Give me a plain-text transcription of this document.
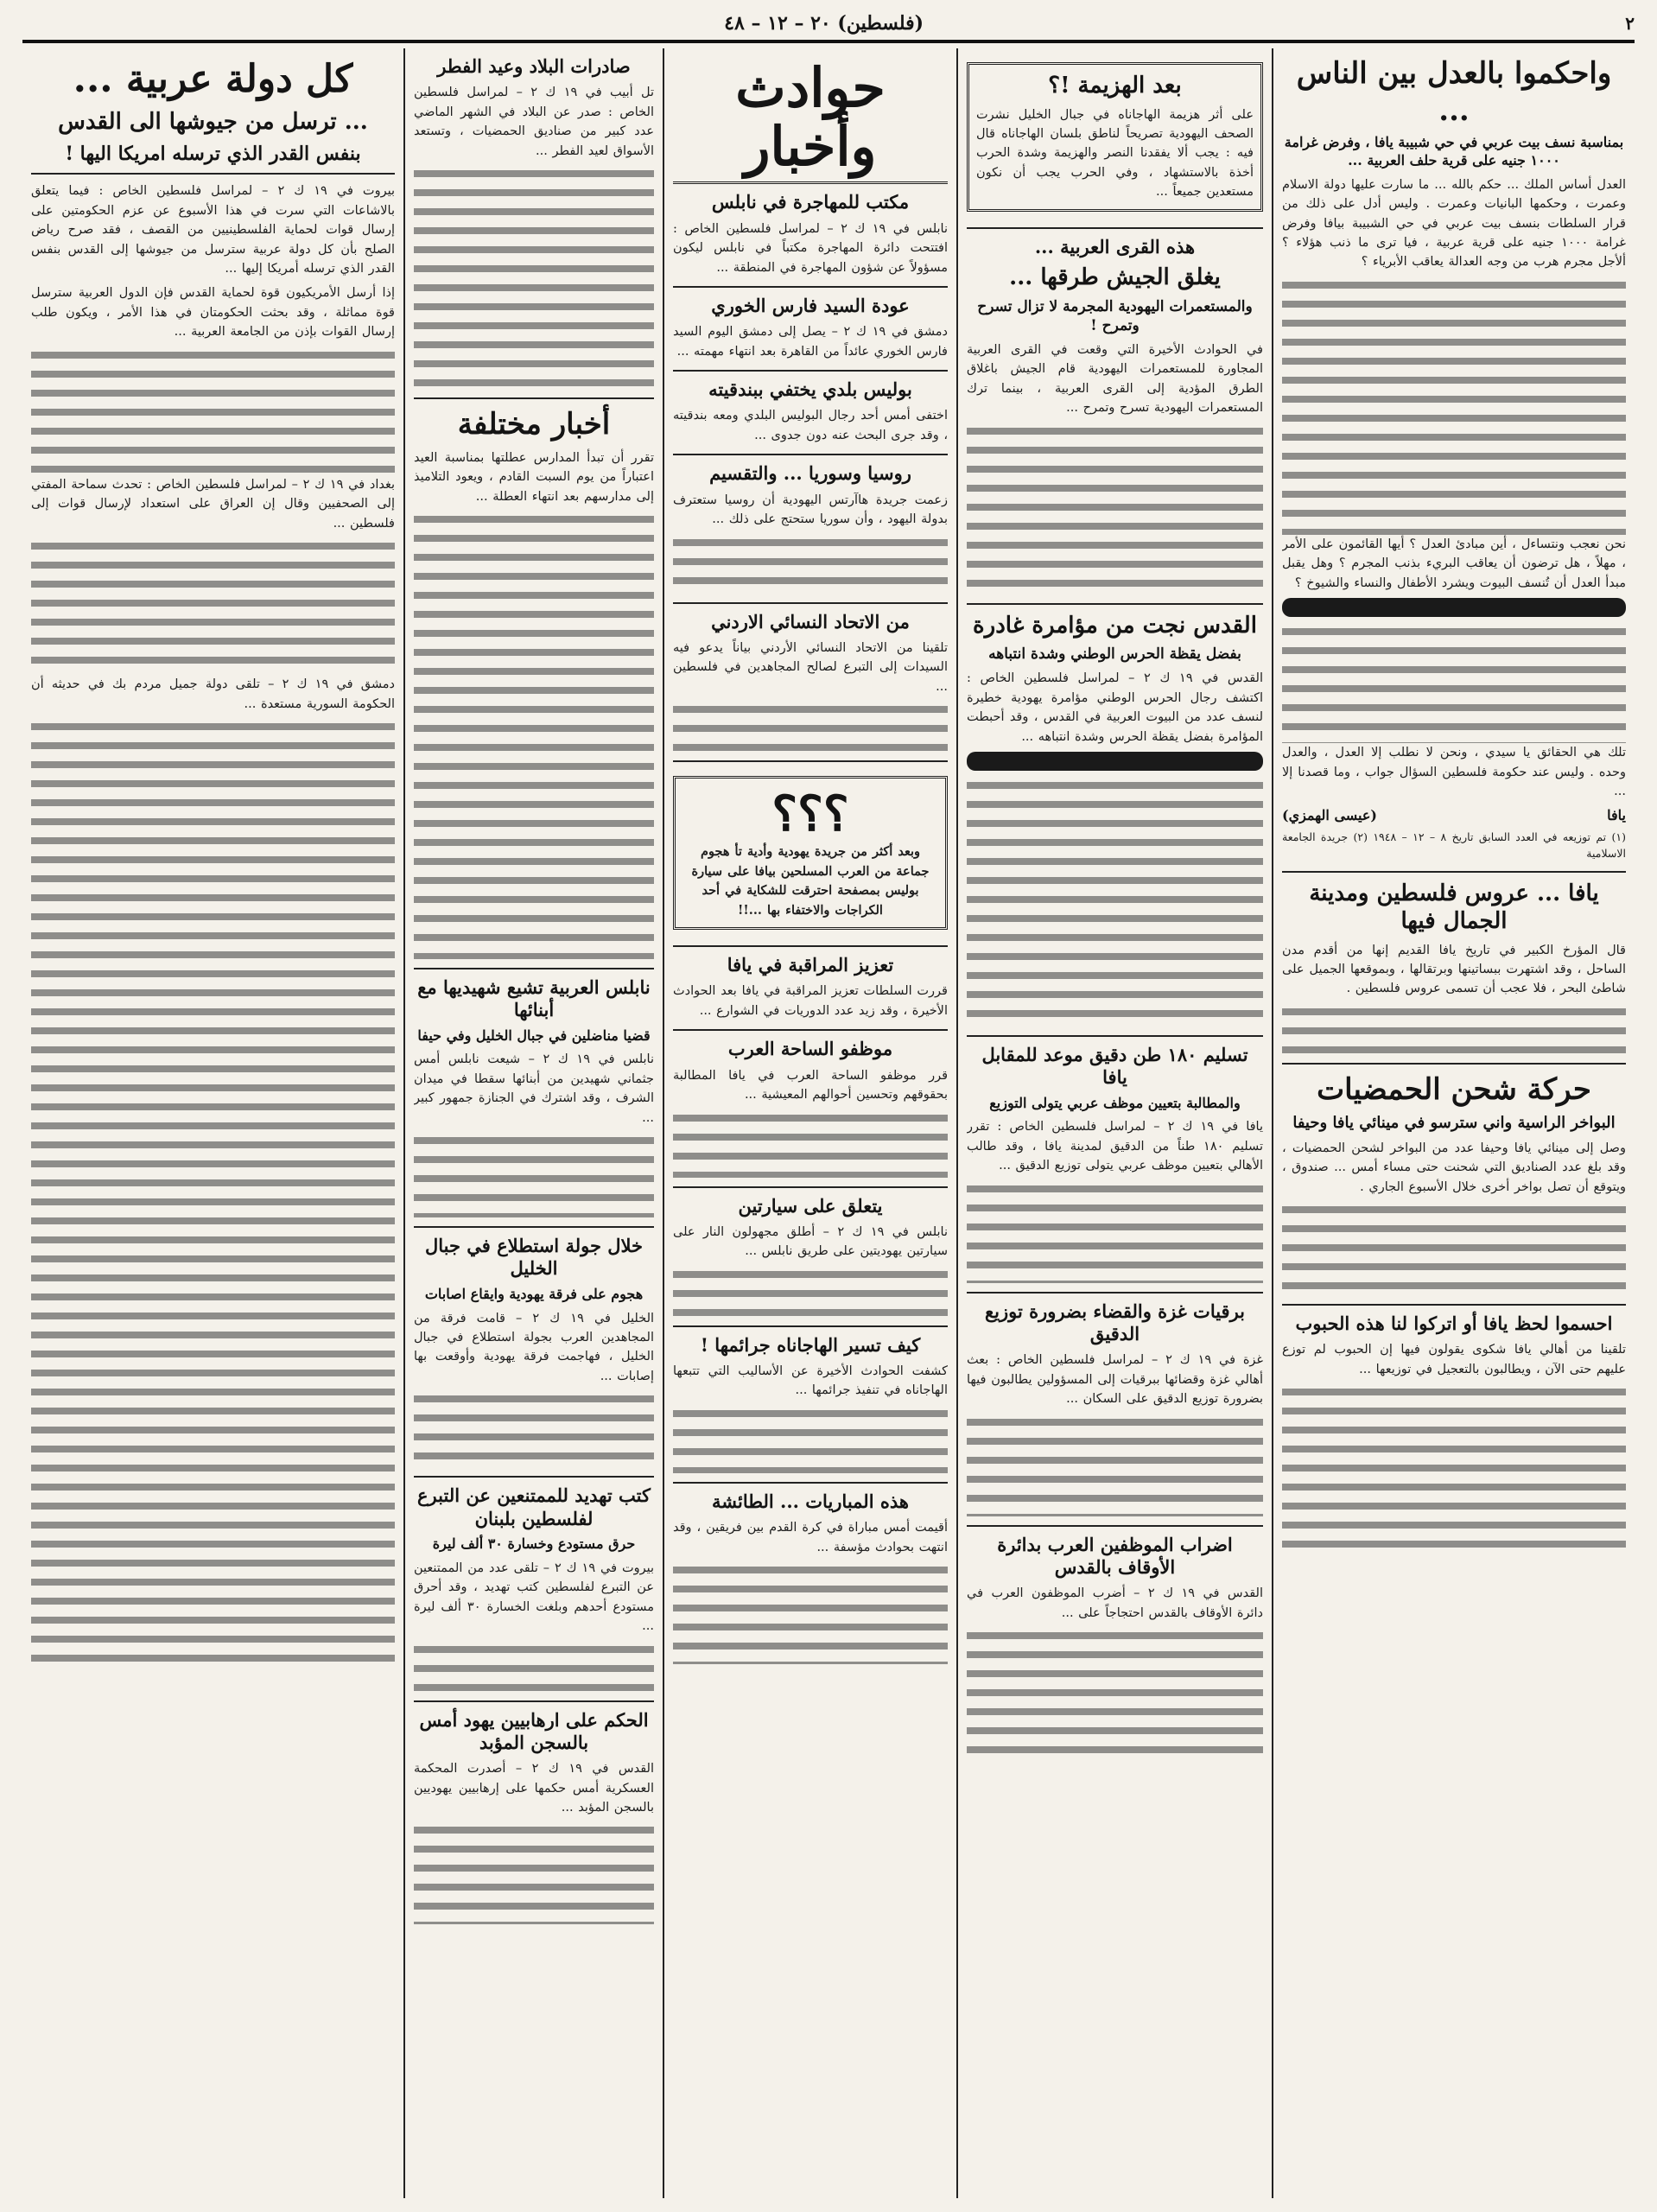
٢
(فلسطين) ٢٠ – ١٢ – ٤٨
واحكموا بالعدل بين الناس ...
بمناسبة نسف بيت عربي في حي شبيبة يافا ، وفرض غرامة ١٠٠٠ جنيه على قرية حلف العربية ...
العدل أساس الملك ... حكم بالله ... ما سارت عليها دولة الاسلام وعمرت ، وحكمها البانيات وعمرت . وليس أدل على ذلك من قرار السلطات بنسف بيت عربي في حي الشبيبة بيافا وفرض غرامة ١٠٠٠ جنيه على قرية عربية ، فيا ترى ما ذنب هؤلاء ؟ ألأجل مجرم هرب من وجه العدالة يعاقب الأبرياء ؟
نحن نعجب ونتساءل ، أين مبادئ العدل ؟ أيها القائمون على الأمر ، مهلاً ، هل ترضون أن يعاقب البريء بذنب المجرم ؟ وهل يقبل مبدأ العدل أن تُنسف البيوت ويشرد الأطفال والنساء والشيوخ ؟
تلك هي الحقائق يا سيدي ، ونحن لا نطلب إلا العدل ، والعدل وحده . وليس عند حكومة فلسطين السؤال جواب ، وما قصدنا إلا ...
يافا
(عيسى الهمزي)
(١) تم توزيعه في العدد السابق تاريخ ٨ – ١٢ – ١٩٤٨ (٢) جريدة الجامعة الاسلامية
يافا ... عروس فلسطين ومدينة الجمال فيها
قال المؤرخ الكبير في تاريخ يافا القديم إنها من أقدم مدن الساحل ، وقد اشتهرت ببساتينها وبرتقالها ، وبموقعها الجميل على شاطئ البحر ، فلا عجب أن تسمى عروس فلسطين .
حركة شحن الحمضيات
البواخر الراسية واني سترسو في مينائي يافا وحيفا
وصل إلى مينائي يافا وحيفا عدد من البواخر لشحن الحمضيات ، وقد بلغ عدد الصناديق التي شحنت حتى مساء أمس ... صندوق ، ويتوقع أن تصل بواخر أخرى خلال الأسبوع الجاري .
احسموا لحظ يافا أو اتركوا لنا هذه الحبوب
تلقينا من أهالي يافا شكوى يقولون فيها إن الحبوب لم توزع عليهم حتى الآن ، ويطالبون بالتعجيل في توزيعها ...
بعد الهزيمة !؟
على أثر هزيمة الهاجاناه في جبال الخليل نشرت الصحف اليهودية تصريحاً لناطق بلسان الهاجاناه قال فيه : يجب ألا يفقدنا النصر والهزيمة وشدة الحرب أخذة بالاستشهاد ، وفي الحرب يجب أن نكون مستعدين جميعاً ...
هذه القرى العربية ...
يغلق الجيش طرقها ...
والمستعمرات اليهودية المجرمة لا تزال تسرح وتمرح !
في الحوادث الأخيرة التي وقعت في القرى العربية المجاورة للمستعمرات اليهودية قام الجيش باغلاق الطرق المؤدية إلى القرى العربية ، بينما ترك المستعمرات اليهودية تسرح وتمرح ...
القدس نجت من مؤامرة غادرة
بفضل يقظة الحرس الوطني وشدة انتباهه
القدس في ١٩ ك ٢ – لمراسل فلسطين الخاص : اكتشف رجال الحرس الوطني مؤامرة يهودية خطيرة لنسف عدد من البيوت العربية في القدس ، وقد أحبطت المؤامرة بفضل يقظة الحرس وشدة انتباهه ...
تسليم ١٨٠ طن دقيق موعد للمقابل يافا
والمطالبة بتعيين موظف عربي يتولى التوزيع
يافا في ١٩ ك ٢ – لمراسل فلسطين الخاص : تقرر تسليم ١٨٠ طناً من الدقيق لمدينة يافا ، وقد طالب الأهالي بتعيين موظف عربي يتولى توزيع الدقيق ...
برقيات غزة والقضاء بضرورة توزيع الدقيق
غزة في ١٩ ك ٢ – لمراسل فلسطين الخاص : بعث أهالي غزة وقضائها ببرقيات إلى المسؤولين يطالبون فيها بضرورة توزيع الدقيق على السكان ...
اضراب الموظفين العرب بدائرة الأوقاف بالقدس
القدس في ١٩ ك ٢ – أضرب الموظفون العرب في دائرة الأوقاف بالقدس احتجاجاً على ...
حوادث وأخبار
مكتب للمهاجرة في نابلس
نابلس في ١٩ ك ٢ – لمراسل فلسطين الخاص : افتتحت دائرة المهاجرة مكتباً في نابلس ليكون مسؤولاً عن شؤون المهاجرة في المنطقة ...
عودة السيد فارس الخوري
دمشق في ١٩ ك ٢ – يصل إلى دمشق اليوم السيد فارس الخوري عائداً من القاهرة بعد انتهاء مهمته ...
بوليس بلدي يختفي ببندقيته
اختفى أمس أحد رجال البوليس البلدي ومعه بندقيته ، وقد جرى البحث عنه دون جدوى ...
روسيا وسوريا ... والتقسيم
زعمت جريدة هاآرتس اليهودية أن روسيا ستعترف بدولة اليهود ، وأن سوريا ستحتج على ذلك ...
من الاتحاد النسائي الاردني
تلقينا من الاتحاد النسائي الأردني بياناً يدعو فيه السيدات إلى التبرع لصالح المجاهدين في فلسطين ...
؟؟؟
وبعد أكثر من جريدة يهودية وأدية تأ هجوم جماعة من العرب المسلحين بيافا على سيارة بوليس بمصفحة احترقت للشكاية في أحد الكراجات والاختفاء بها ...!!
تعزيز المراقبة في يافا
قررت السلطات تعزيز المراقبة في يافا بعد الحوادث الأخيرة ، وقد زيد عدد الدوريات في الشوارع ...
موظفو الساحة العرب
قرر موظفو الساحة العرب في يافا المطالبة بحقوقهم وتحسين أحوالهم المعيشية ...
يتعلق على سيارتين
نابلس في ١٩ ك ٢ – أطلق مجهولون النار على سيارتين يهوديتين على طريق نابلس ...
كيف تسير الهاجاناه جرائمها !
كشفت الحوادث الأخيرة عن الأساليب التي تتبعها الهاجاناه في تنفيذ جرائمها ...
هذه المباريات ... الطائشة
أقيمت أمس مباراة في كرة القدم بين فريقين ، وقد انتهت بحوادث مؤسفة ...
صادرات البلاد وعيد الفطر
تل أبيب في ١٩ ك ٢ – لمراسل فلسطين الخاص : صدر عن البلاد في الشهر الماضي عدد كبير من صناديق الحمضيات ، وتستعد الأسواق لعيد الفطر ...
أخبار مختلفة
تقرر أن تبدأ المدارس عطلتها بمناسبة العيد اعتباراً من يوم السبت القادم ، ويعود التلاميذ إلى مدارسهم بعد انتهاء العطلة ...
نابلس العربية تشيع شهيديها مع أبنائها
قضيا مناضلين في جبال الخليل وفي حيفا
نابلس في ١٩ ك ٢ – شيعت نابلس أمس جثماني شهيدين من أبنائها سقطا في ميدان الشرف ، وقد اشترك في الجنازة جمهور كبير ...
خلال جولة استطلاع في جبال الخليل
هجوم على فرقة يهودية وايقاع اصابات
الخليل في ١٩ ك ٢ – قامت فرقة من المجاهدين العرب بجولة استطلاع في جبال الخليل ، فهاجمت فرقة يهودية وأوقعت بها إصابات ...
كتب تهديد للممتنعين عن التبرع لفلسطين بلبنان
حرق مستودع وخسارة ٣٠ ألف ليرة
بيروت في ١٩ ك ٢ – تلقى عدد من الممتنعين عن التبرع لفلسطين كتب تهديد ، وقد أحرق مستودع أحدهم وبلغت الخسارة ٣٠ ألف ليرة ...
الحكم على ارهابيين يهود أمس بالسجن المؤبد
القدس في ١٩ ك ٢ – أصدرت المحكمة العسكرية أمس حكمها على إرهابيين يهوديين بالسجن المؤبد ...
كل دولة عربية ...
... ترسل من جيوشها الى القدس
بنفس القدر الذي ترسله امريكا اليها !
بيروت في ١٩ ك ٢ – لمراسل فلسطين الخاص : فيما يتعلق بالاشاعات التي سرت في هذا الأسبوع عن عزم الحكومتين على إرسال قوات لحماية الفلسطينيين من القصف ، فقد صرح رياض الصلح بأن كل دولة عربية سترسل من جيوشها إلى القدس بنفس القدر الذي ترسله أمريكا إليها ...
إذا أرسل الأمريكيون قوة لحماية القدس فإن الدول العربية سترسل قوة مماثلة ، وقد بحثت الحكومتان في هذا الأمر ، ويكون طلب إرسال القوات بإذن من الجامعة العربية ...
بغداد في ١٩ ك ٢ – لمراسل فلسطين الخاص : تحدث سماحة المفتي إلى الصحفيين وقال إن العراق على استعداد لإرسال قوات إلى فلسطين ...
دمشق في ١٩ ك ٢ – تلقى دولة جميل مردم بك في حديثه أن الحكومة السورية مستعدة ...
